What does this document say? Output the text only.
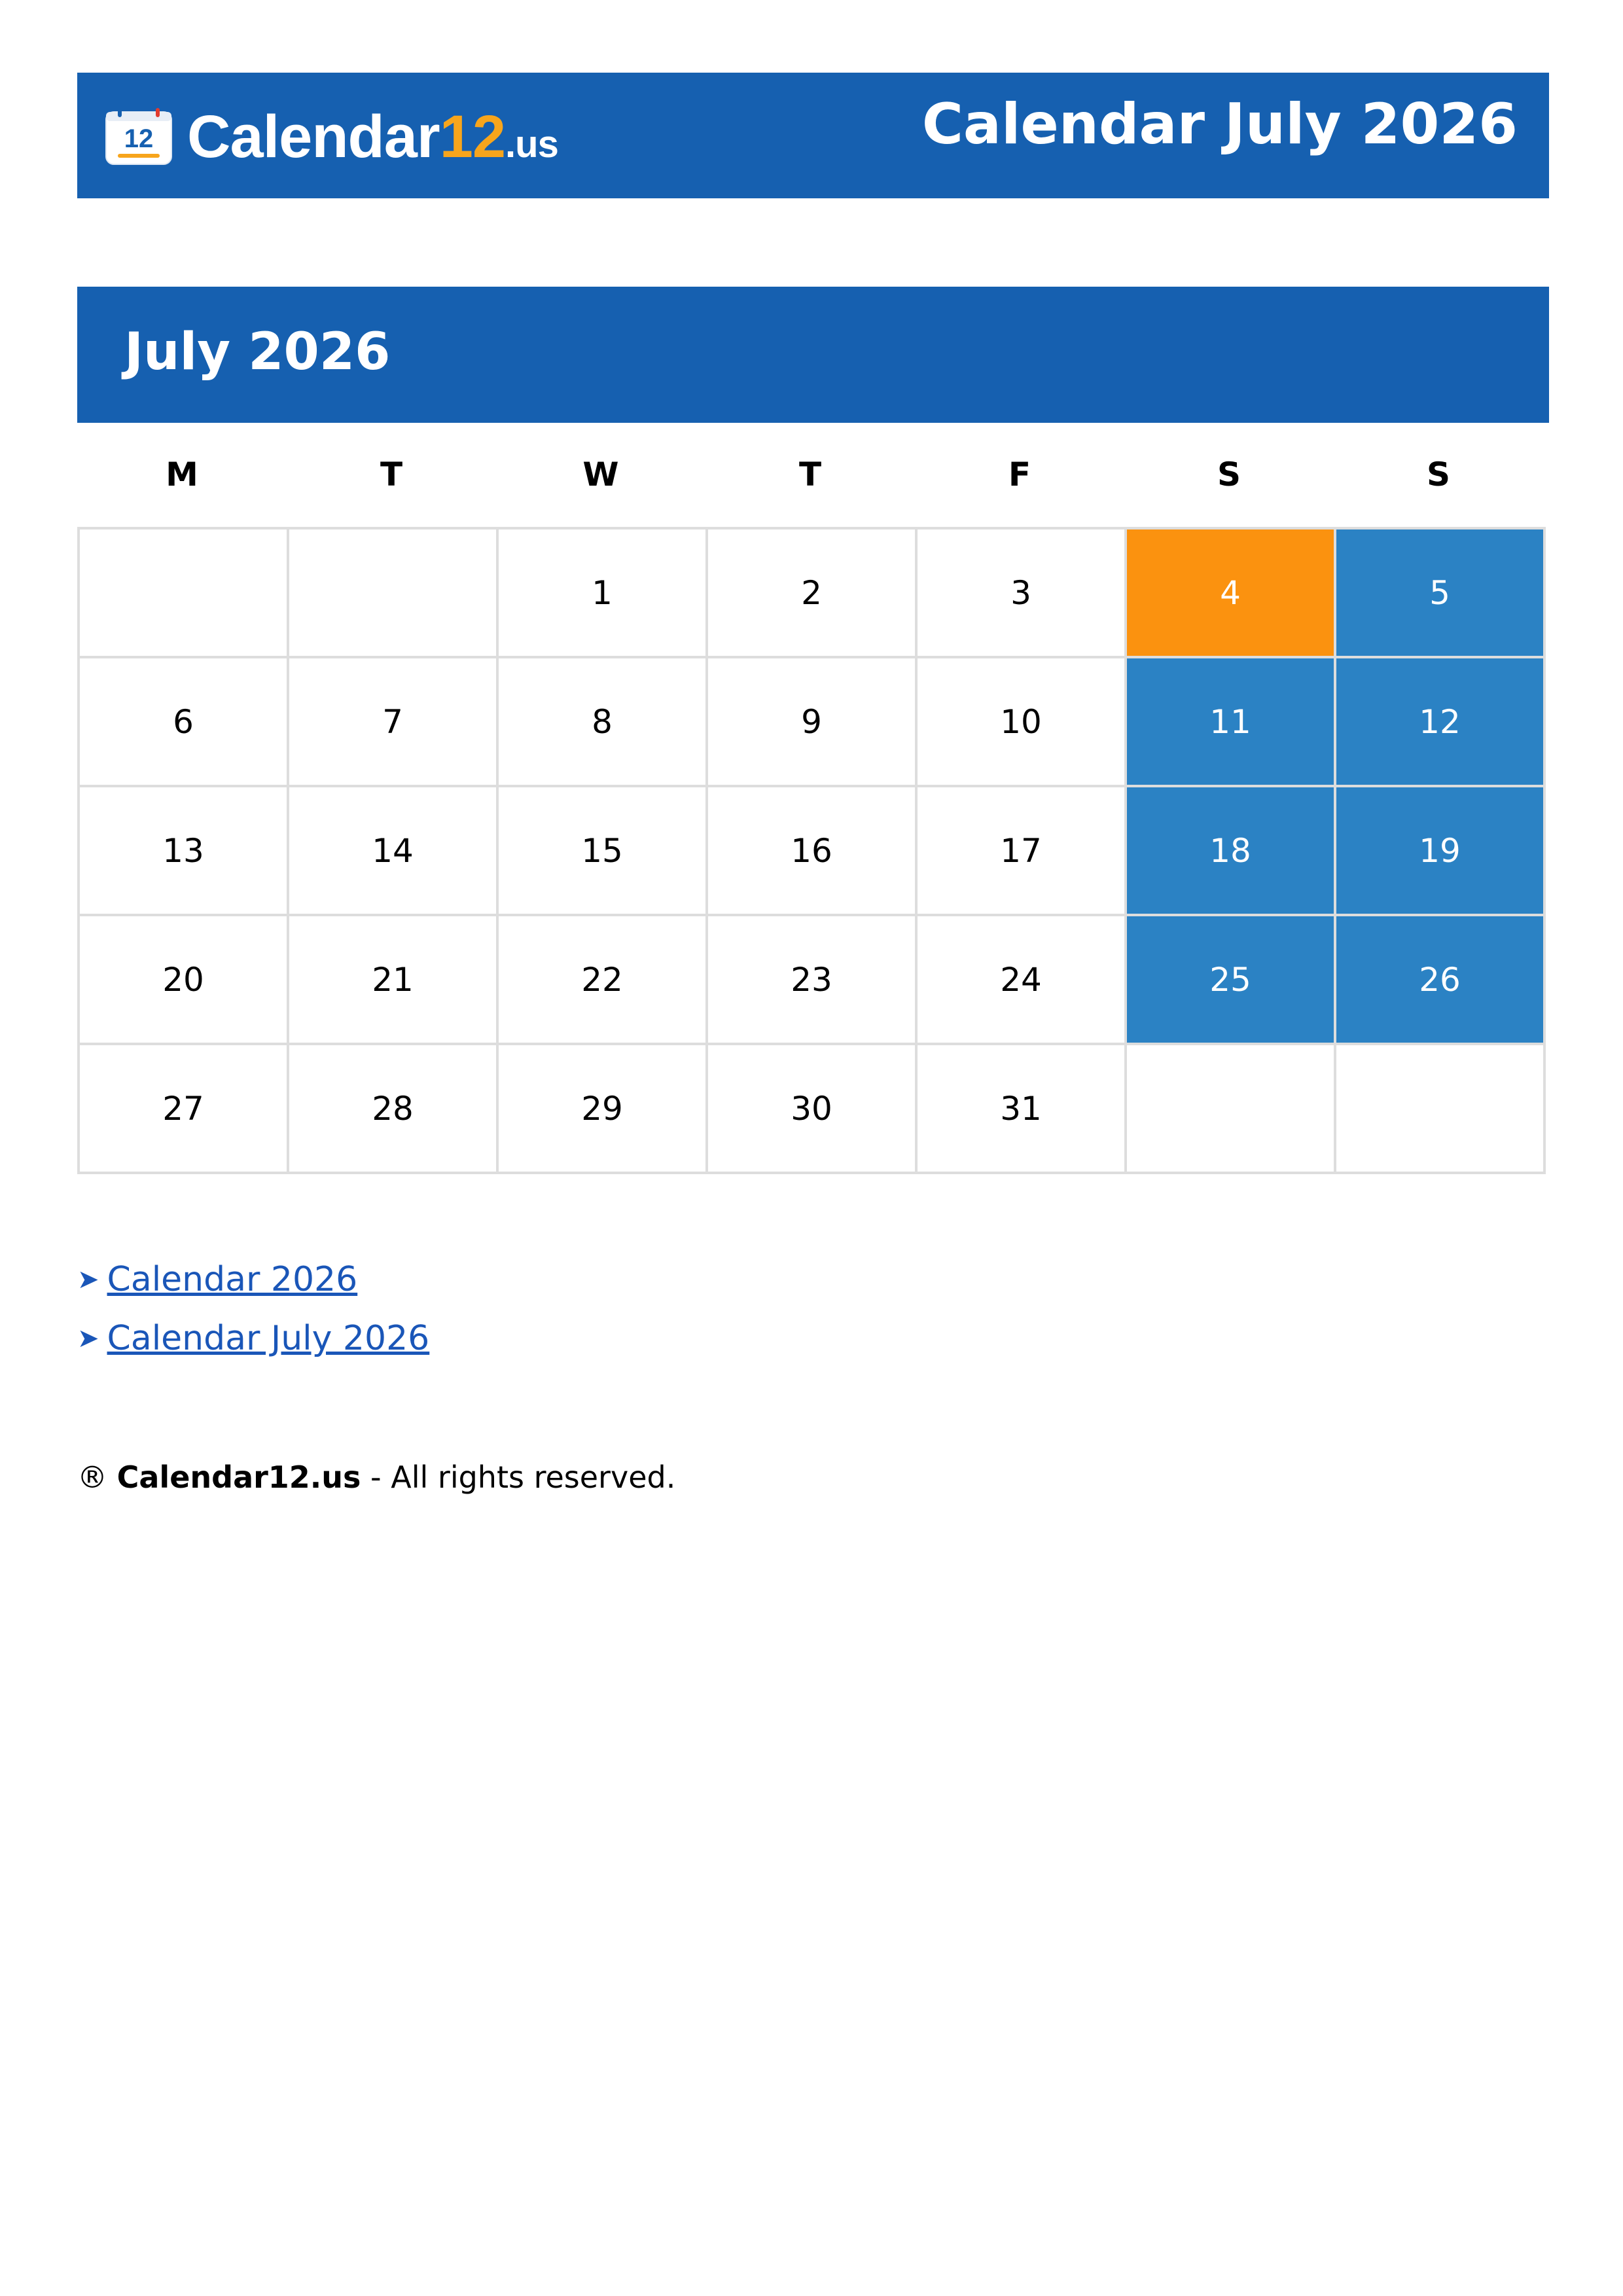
12 Calendar12.us	Calendar July 2026
July 2026
M	T	W	T	F	S	S
		1	2	3	4	5
6	7	8	9	10	11	12
13	14	15	16	17	18	19
20	21	22	23	24	25	26
27	28	29	30	31		
➤ Calendar 2026
➤ Calendar July 2026
® Calendar12.us - All rights reserved.
